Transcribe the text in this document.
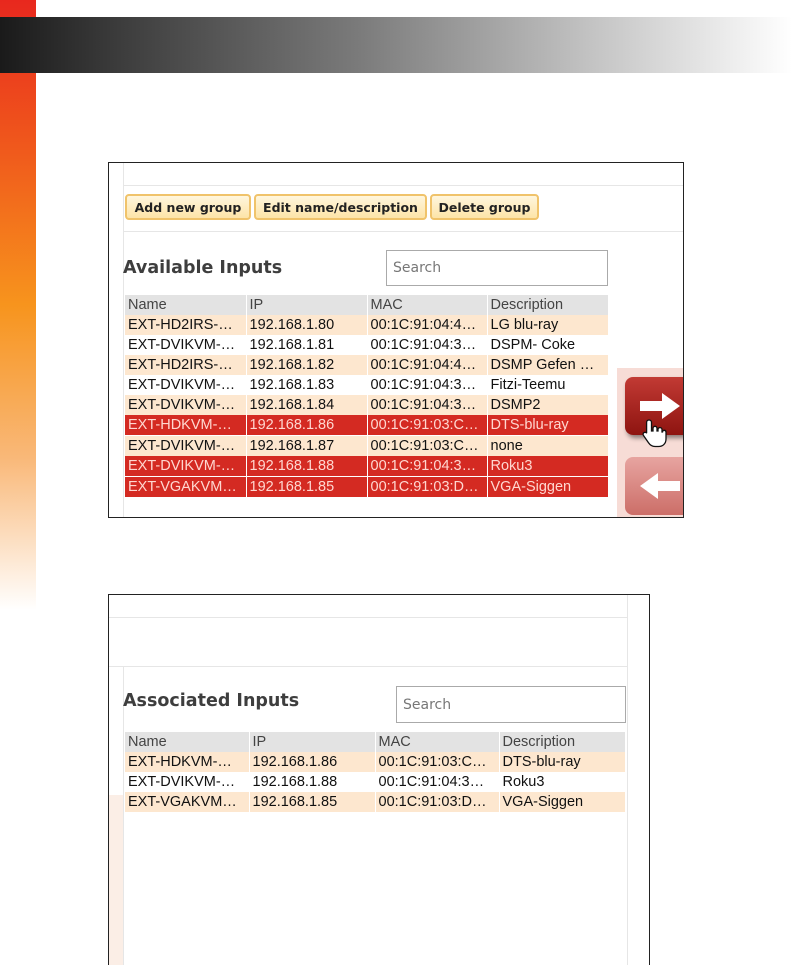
Add new group	Edit name/description	Delete group
Available Inputs
Search
Name	IP	MAC	Description
EXT-HD2IRS-…	192.168.1.80	00:1C:91:04:4…	LG blu-ray
EXT-DVIKVM-…	192.168.1.81	00:1C:91:04:3…	DSPM- Coke
EXT-HD2IRS-…	192.168.1.82	00:1C:91:04:4…	DSMP Gefen …
EXT-DVIKVM-…	192.168.1.83	00:1C:91:04:3…	Fitzi-Teemu
EXT-DVIKVM-…	192.168.1.84	00:1C:91:04:3…	DSMP2
EXT-HDKVM-…	192.168.1.86	00:1C:91:03:C…	DTS-blu-ray
EXT-DVIKVM-…	192.168.1.87	00:1C:91:03:C…	none
EXT-DVIKVM-…	192.168.1.88	00:1C:91:04:3…	Roku3
EXT-VGAKVM…	192.168.1.85	00:1C:91:03:D…	VGA-Siggen
Associated Inputs
Search
Name	IP	MAC	Description
EXT-HDKVM-…	192.168.1.86	00:1C:91:03:C…	DTS-blu-ray
EXT-DVIKVM-…	192.168.1.88	00:1C:91:04:3…	Roku3
EXT-VGAKVM…	192.168.1.85	00:1C:91:03:D…	VGA-Siggen
